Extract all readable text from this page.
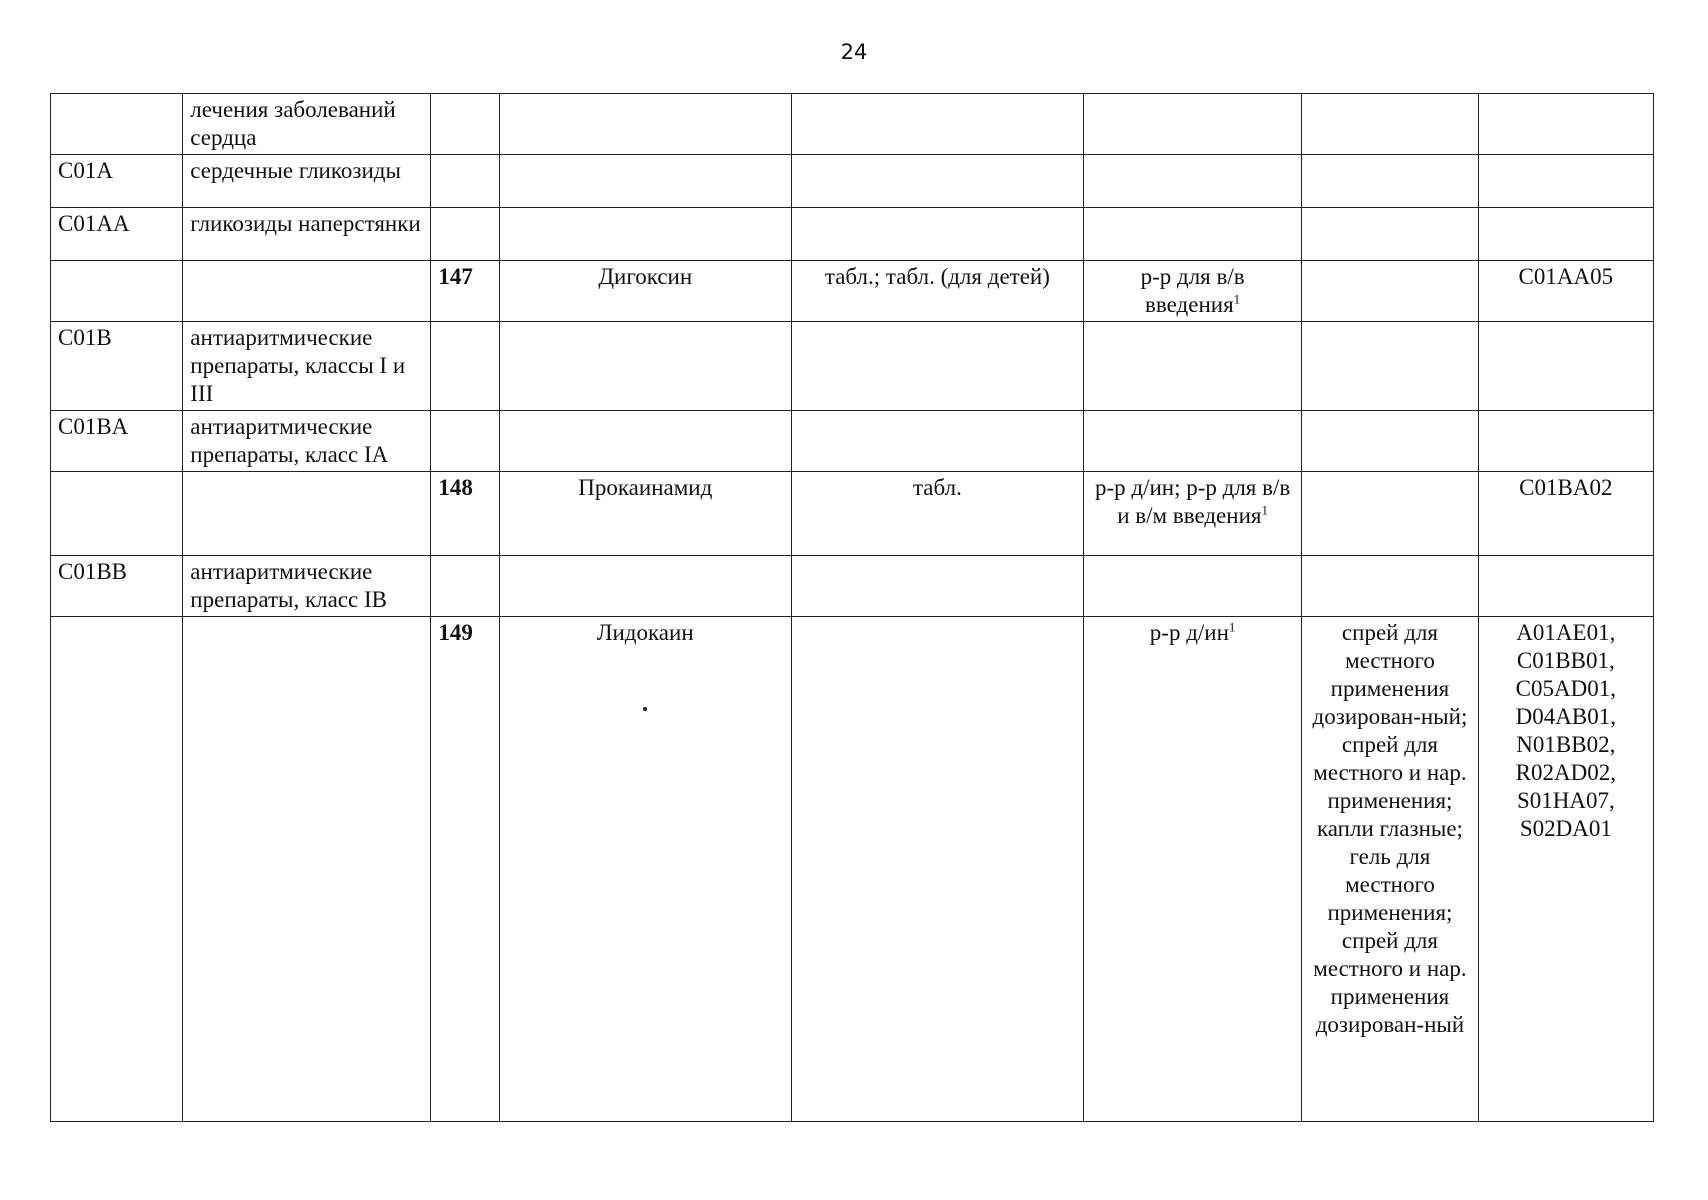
24
	лечения заболеваний сердца						
C01A	сердечные гликозиды						
C01AA	гликозиды наперстянки						
		147	Дигоксин	табл.; табл. (для детей)	р-р для в/в введения$^1$		C01AA05
C01B	антиаритмические препараты, классы I и III						
C01BA	антиаритмические препараты, класс IA						
		148	Прокаинамид	табл.	р-р д/ин; р-р для в/в и в/м введения$^1$		C01BA02
C01BB	антиаритмические препараты, класс IB						
		149	Лидокаин		р-р $д/ин^1$	спрей для местного применения дозирован-ный; спрей для местного и нар. применения; капли глазные; гель для местного применения; спрей для местного и нар. применения дозирован-ный	A01AE01, C01BB01, C05AD01, D04AB01, N01BB02, R02AD02, S01HA07, S02DA01
